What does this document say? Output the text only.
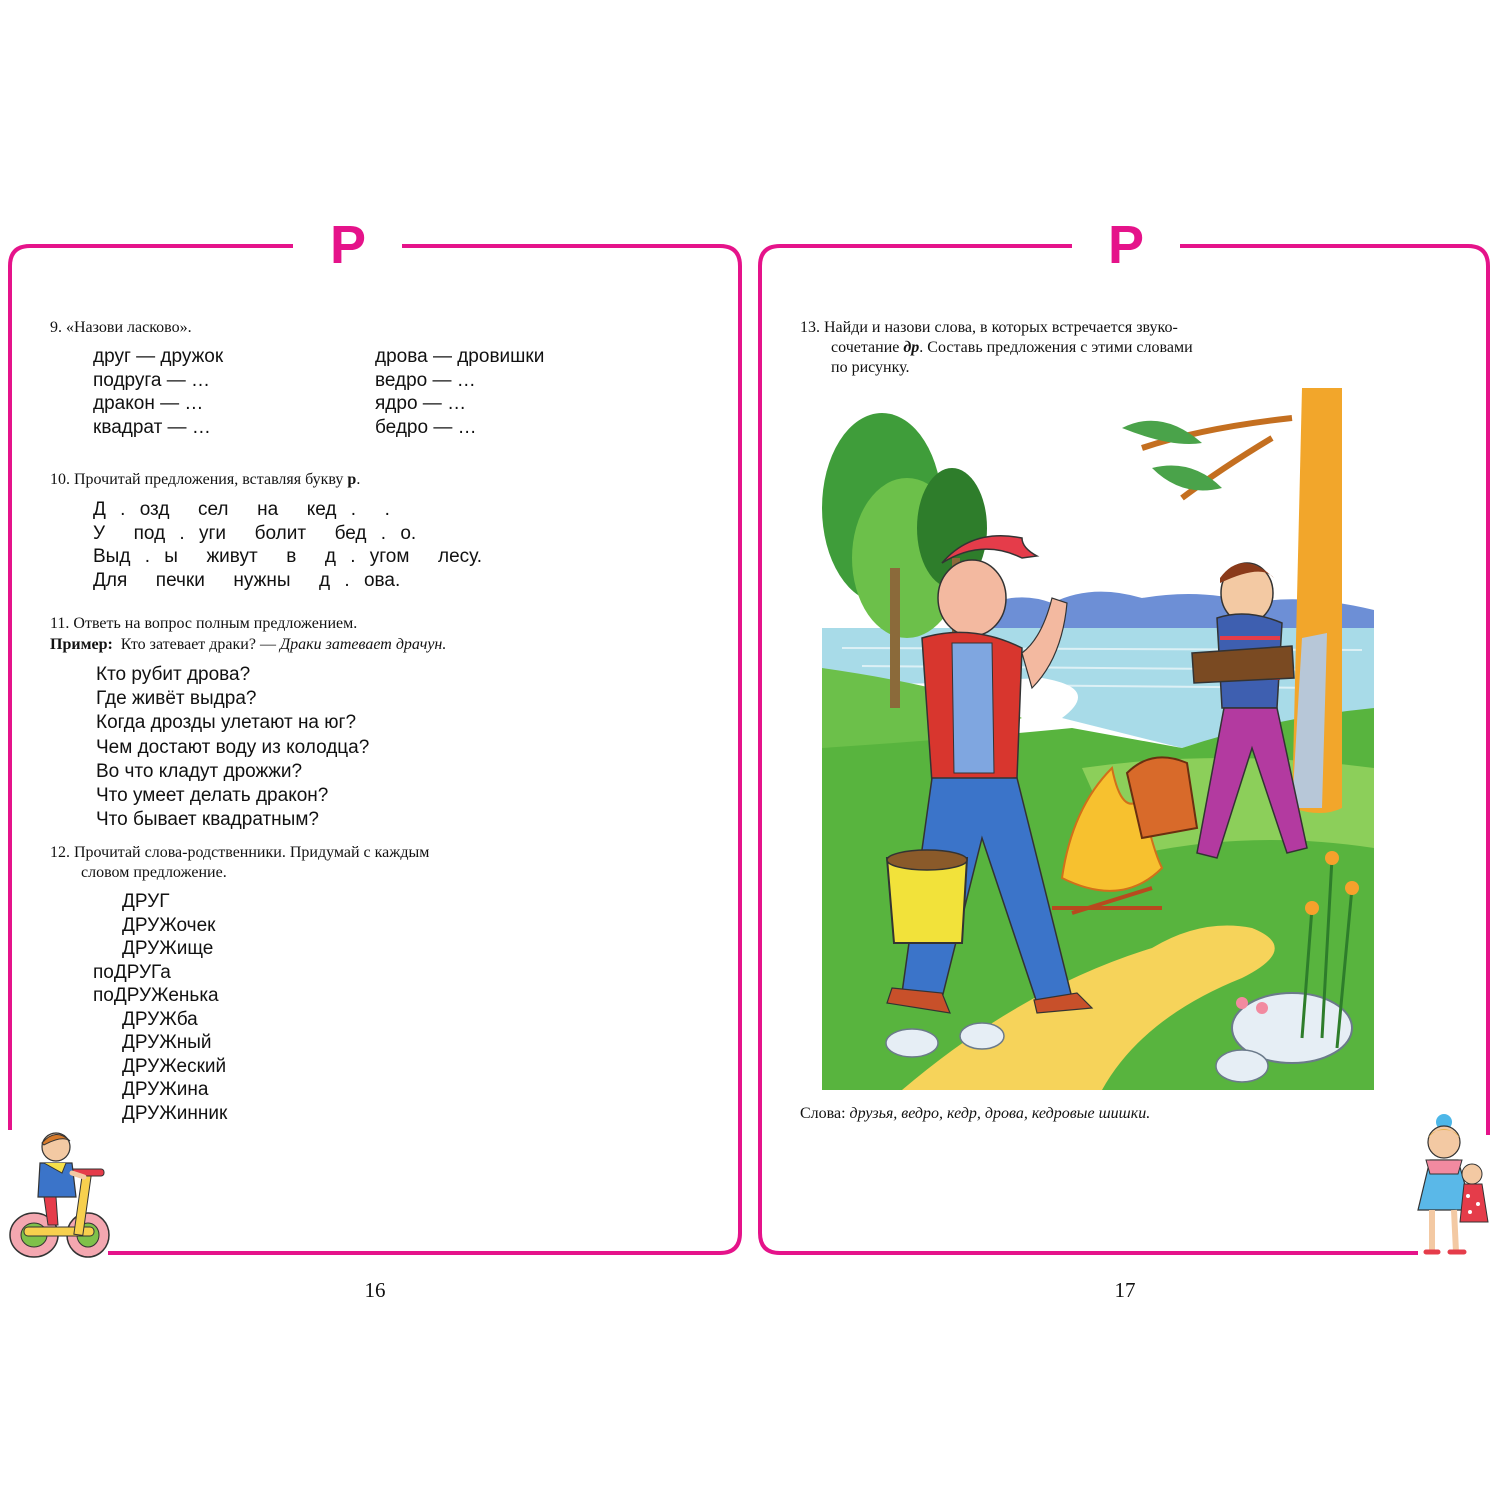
Р	Р
9. «Назови ласково».
друг — дружок
подруга — …
дракон — …
квадрат — …
дрова — дровишки
ведро — …
ядро — …
бедро — …
10. Прочитай предложения, вставляя букву р.
Д . озд  сел  на  кед .  .
У  под . уги  болит  бед . о.
Выд . ы  живут  в  д . угом  лесу.
Для  печки  нужны  д . ова.
11. Ответь на вопрос полным предложением.
Пример: Кто затевает драки? — Драки затевает драчун.
Кто рубит дрова?
Где живёт выдра?
Когда дрозды улетают на юг?
Чем достают воду из колодца?
Во что кладут дрожжи?
Что умеет делать дракон?
Что бывает квадратным?
12. Прочитай слова-родственники. Придумай с каждым
словом предложение.
ДРУГ
ДРУЖочек
ДРУЖище
поДРУГа
поДРУЖенька
ДРУЖба
ДРУЖный
ДРУЖеский
ДРУЖина
ДРУЖинник
16
13. Найди и назови слова, в которых встречается звуко-
сочетание др. Составь предложения с этими словами
по рисунку.
Слова: друзья, ведро, кедр, дрова, кедровые шишки.
17
